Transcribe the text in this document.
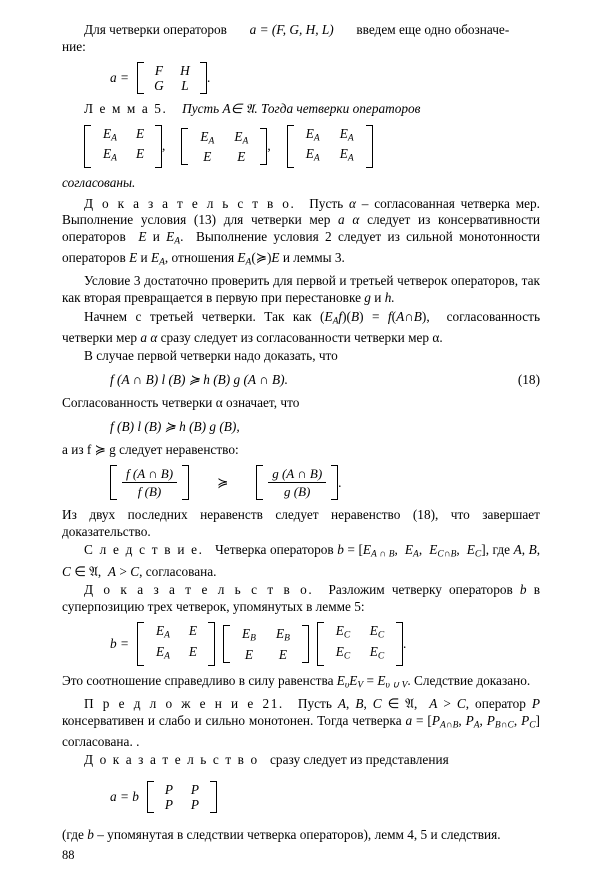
Для четверки операторов a = (F, G, H, L) введем еще одно обозначе-
ние:

a =	F	H
G	L
.

Л е м м а 5. Пусть A∈ 𝔄. Тогда четверки операторов

$E_A$	E
$E_A$	E
,
$E_A$	$E_A$
E	E
,
$E_A$	$E_A$
$E_A$	$E_A$

согласованы.

Д о к а з а т е л ь с т в о. Пусть α – согласованная четверка мер. Выполнение условия (13) для четверки мер a α следует из консервативности операторов  E и $E_A$.  Выполнение условия 2 следует из сильной монотонности операторов E и $E_A$, отношения $E_A(≽)E$ и леммы 3.

Условие 3 достаточно проверить для первой и третьей четверок операторов, так как вторая превращается в первую при перестановке g и h.

Начнем с третьей четверки. Так как $(E_Af)(B)$ = f(A∩B),  согласованность четверки мер a α сразу следует из согласованности четверки мер α.

В случае первой четверки надо доказать, что

f (A ∩ B) l (B) ≽ h (B) g (A ∩ B).	(18)

Согласованность четверки α означает, что

f (B) l (B) ≽ h (B) g (B),

а из f ≽ g следует неравенство:

$\frac{f (A \cap B)}{f (B)}$	≽	$\frac{g (A \cap B)}{g (B)}$ .

Из двух последних неравенств следует неравенство (18), что завершает доказательство.

С л е д с т в и е. Четверка операторов $b = [E_{A \cap B}$,  $E_A$,  $E_{C\cap B}$,  $E_C$], где A, B, C ∈ 𝔄,  A > C, согласована.

Д о к а з а т е л ь с т в о. Разложим четверку операторов b в суперпозицию трех четверок, упомянутых в лемме 5:

b =
$E_A$	E
$E_A$	E
$E_B$	$E_B$
E	E
$E_C$	$E_C$
$E_C$	$E_C$
.

Это соотношение справедливо в силу равенства $E_\upsilon E_V = E_{\upsilon \cup V}$. Следствие доказано.

П р е д л о ж е н и е 21. Пусть A, B, C ∈ 𝔄,  A > C, оператор P консервативен и слабо и сильно монотонен. Тогда четверка $a = [P_{A\cap B}$, $P_A$, $P_{B\cap C}$, $P_C$] согласована. .

Д о к а з а т е л ь с т в о сразу следует из представления

a = b	P	P
P	P

(где b – упомянутая в следствии четверка операторов), лемм 4, 5 и следствия.

88
